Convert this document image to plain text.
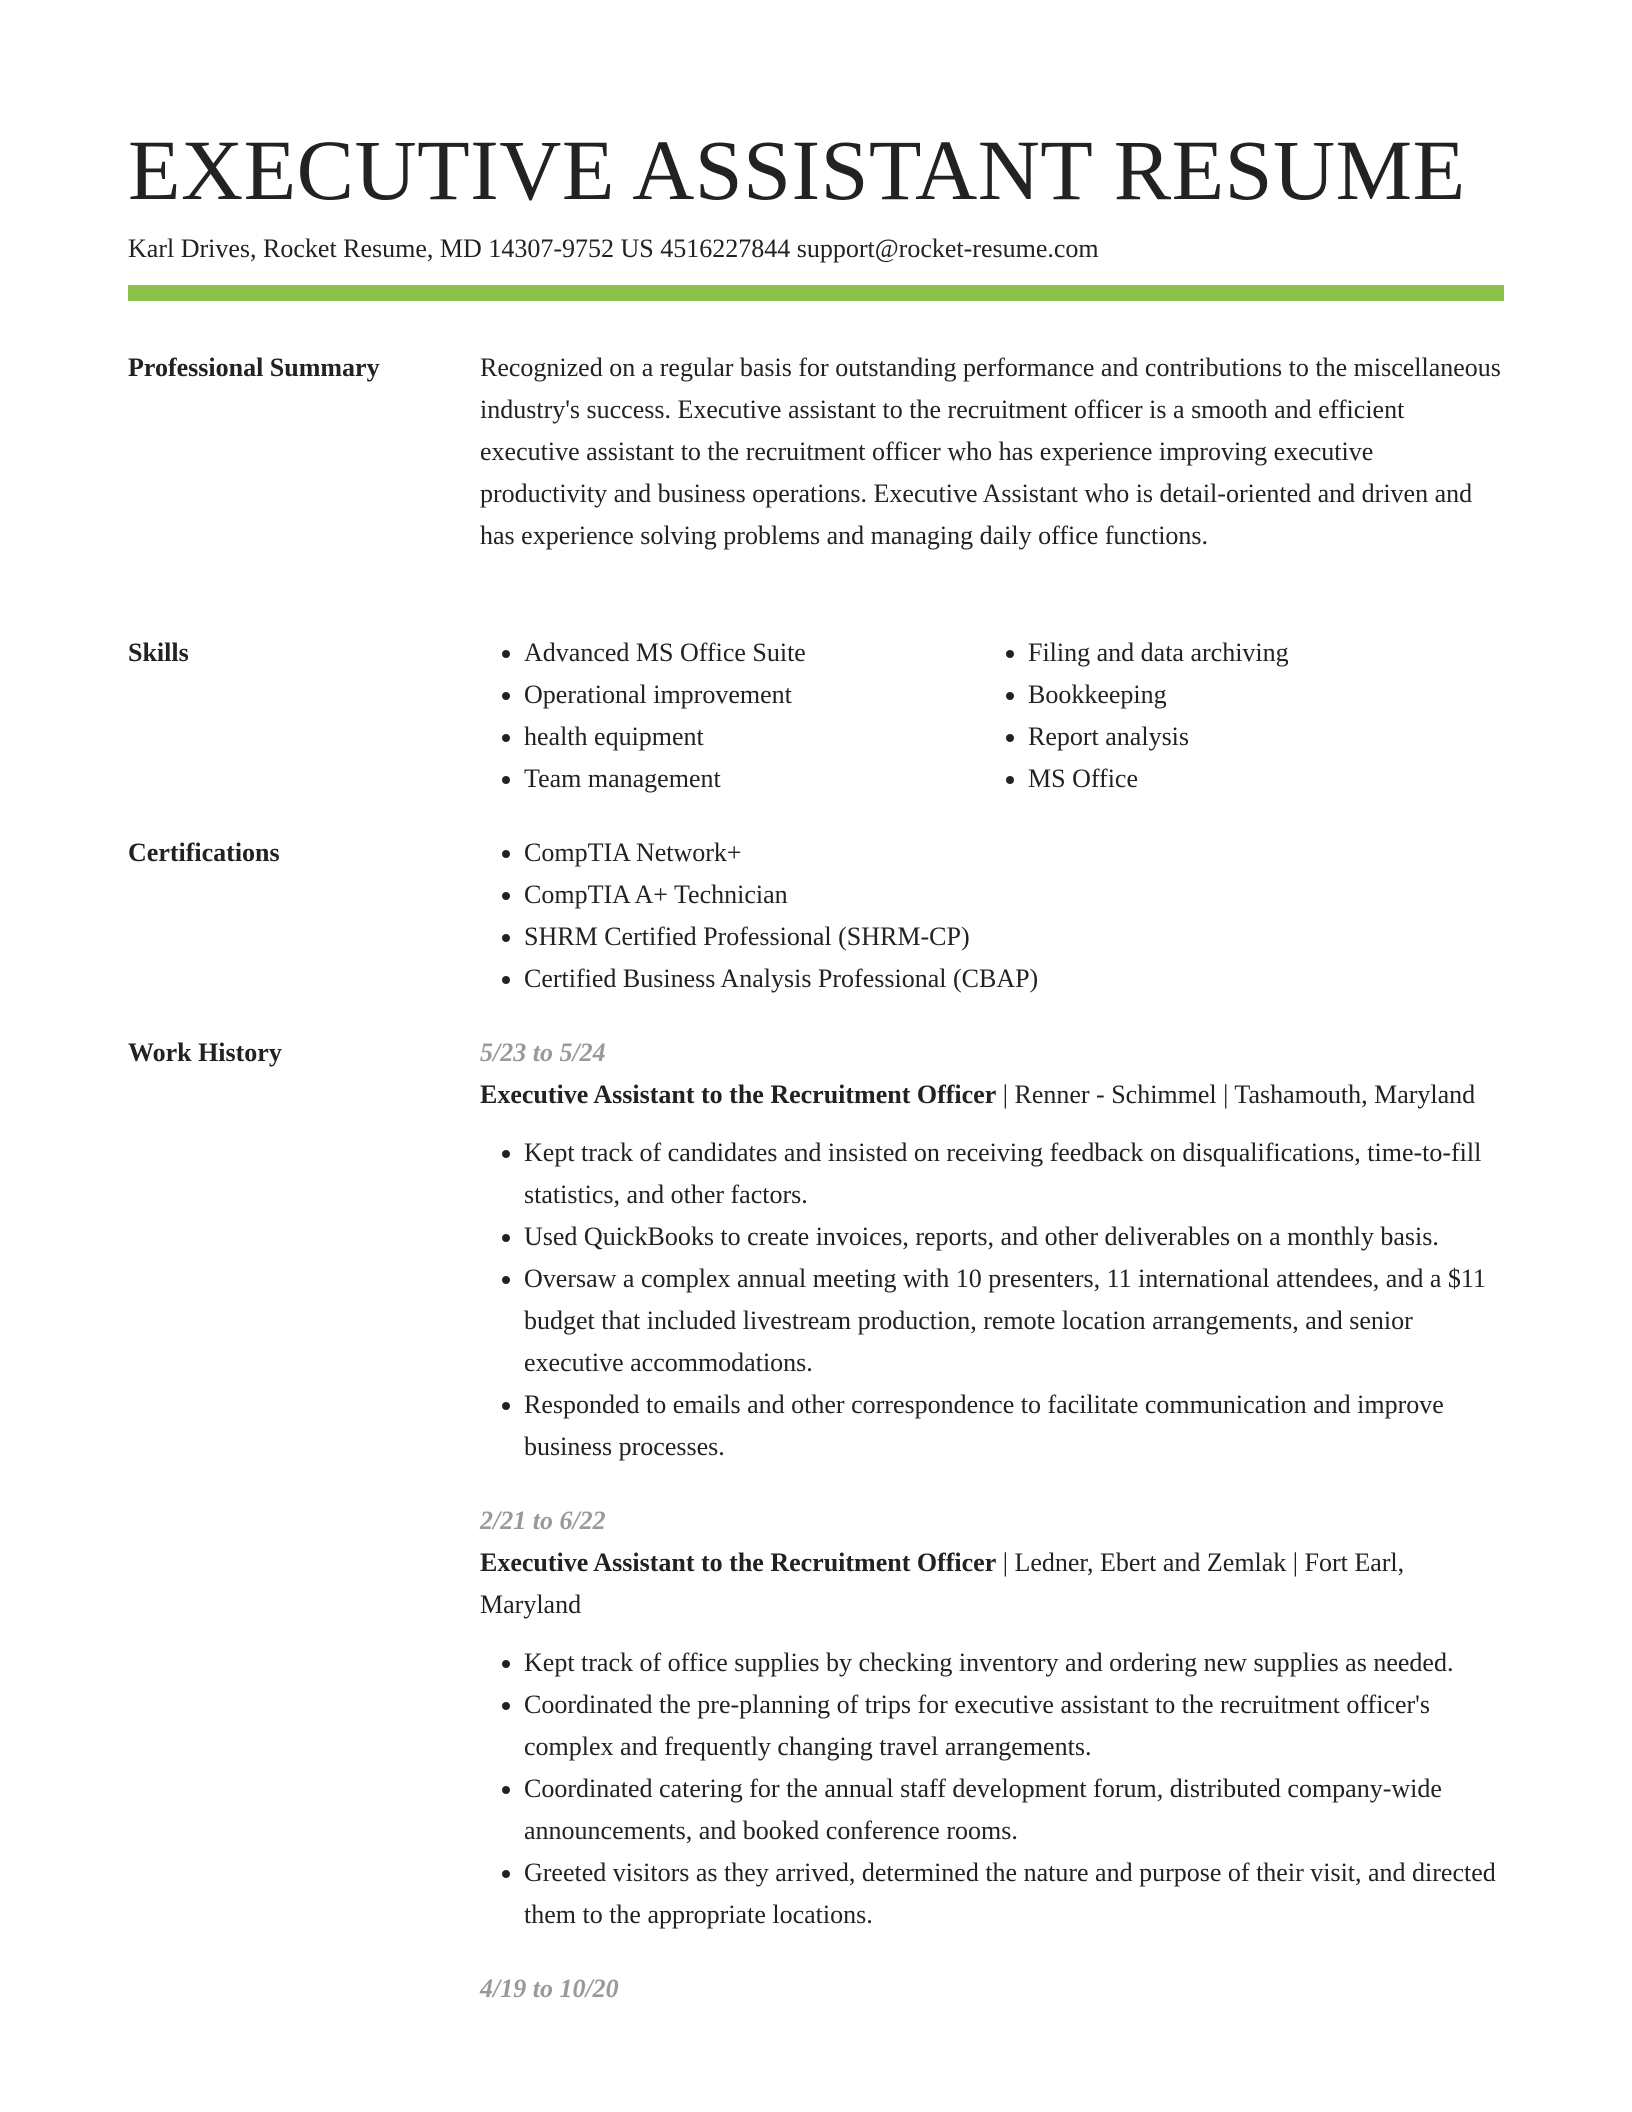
EXECUTIVE ASSISTANT RESUME
Karl Drives, Rocket Resume, MD 14307-9752 US 4516227844 support@rocket-resume.com
Professional Summary	Recognized on a regular basis for outstanding performance and contributions to the miscellaneous industry's success. Executive assistant to the recruitment officer is a smooth and efficient executive assistant to the recruitment officer who has experience improving executive productivity and business operations. Executive Assistant who is detail-oriented and driven and has experience solving problems and managing daily office functions.

Skills	• Advanced MS Office Suite
• Operational improvement
• health equipment
• Team management
• Filing and data archiving
• Bookkeeping
• Report analysis
• MS Office
Certifications	• CompTIA Network+
• CompTIA A+ Technician
• SHRM Certified Professional (SHRM-CP)
• Certified Business Analysis Professional (CBAP)
Work History	5/23 to 5/24
Executive Assistant to the Recruitment Officer | Renner - Schimmel | Tashamouth, Maryland
• Kept track of candidates and insisted on receiving feedback on disqualifications, time-to-fill statistics, and other factors.
• Used QuickBooks to create invoices, reports, and other deliverables on a monthly basis.
• Oversaw a complex annual meeting with 10 presenters, 11 international attendees, and a $11 budget that included livestream production, remote location arrangements, and senior executive accommodations.
• Responded to emails and other correspondence to facilitate communication and improve business processes.
2/21 to 6/22
Executive Assistant to the Recruitment Officer | Ledner, Ebert and Zemlak | Fort Earl, Maryland
• Kept track of office supplies by checking inventory and ordering new supplies as needed.
• Coordinated the pre-planning of trips for executive assistant to the recruitment officer's complex and frequently changing travel arrangements.
• Coordinated catering for the annual staff development forum, distributed company-wide announcements, and booked conference rooms.
• Greeted visitors as they arrived, determined the nature and purpose of their visit, and directed them to the appropriate locations.
4/19 to 10/20
